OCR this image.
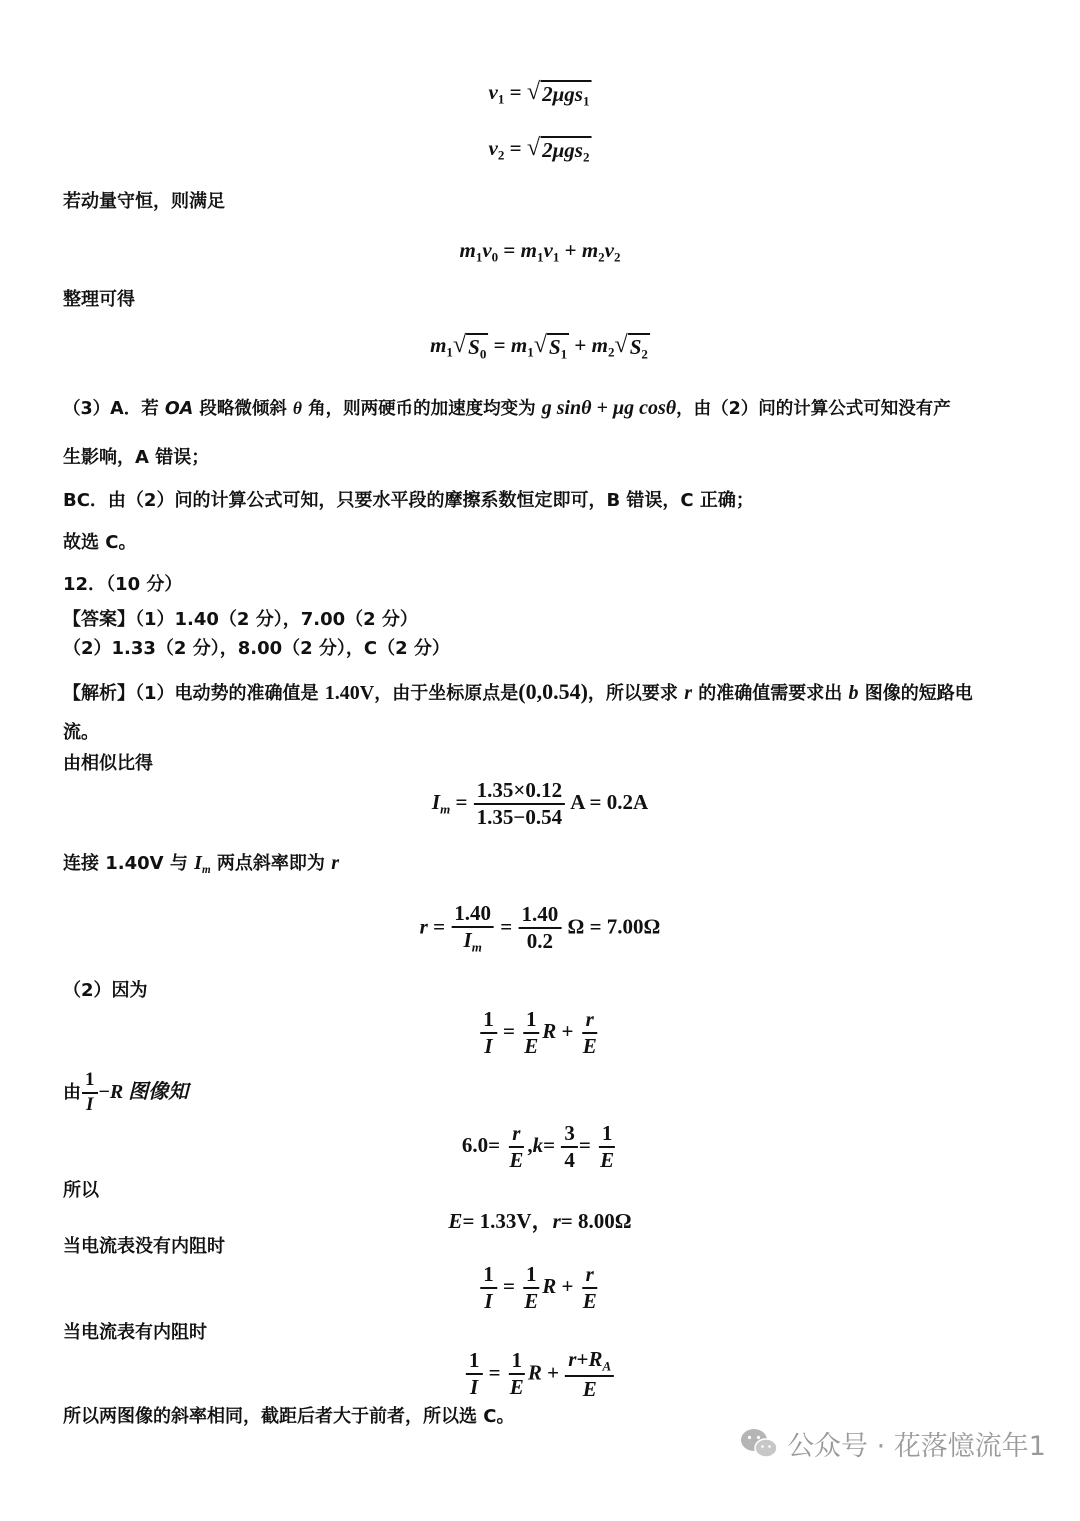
$v_1$ = √ 2μgs$_1$
$v_2$ = √ 2μgs$_2$
若动量守恒，则满足
$m_1v_0 = m_1v_1 + m_2v_2$
整理可得
$m_1$ √ $S_0 = m_1$ √ $S_1 + m_2$ √ $S_2$
（3）A．若 OA 段略微倾斜 θ 角，则两硬币的加速度均变为 g sinθ + μg cosθ，由（2）问的计算公式可知没有产
生影响，A 错误；
BC．由（2）问的计算公式可知，只要水平段的摩擦系数恒定即可，B 错误，C 正确；
故选 C。
12．（10 分）
【答案】（1）1.40（2 分），7.00（2 分）
（2）1.33（2 分），8.00（2 分），C（2 分）
【解析】（1）电动势的准确值是 1.40V，由于坐标原点是(0,0.54)，所以要求 r 的准确值需要求出 b 图像的短路电
流。
由相似比得
$I_m = \frac{1.35\times 0.12}{1.35-0.54}$ A = 0.2A
连接 1.40V 与 $I_m$ 两点斜率即为 r
$r = \frac{1.40}{I_m} = \frac{1.40}{0.2}$ Ω = 7.00Ω
（2）因为
$\frac{1}{I} = \frac{1}{E}$ $R + \frac{r}{E}$
由 $\frac{1}{I} -R$ 图像知
$6.0= \frac{r}{E} ,k= \frac{3}{4} = \frac{1}{E}$
所以
E= 1.33V，r= 8.00Ω
当电流表没有内阻时
$\frac{1}{I} = \frac{1}{E}$ $R + \frac{r}{E}$
当电流表有内阻时
$\frac{1}{I} = \frac{1}{E}$ $R + \frac{r+R_A}{E}$
所以两图像的斜率相同，截距后者大于前者，所以选 C。
公众号 · 花落憶流年1
